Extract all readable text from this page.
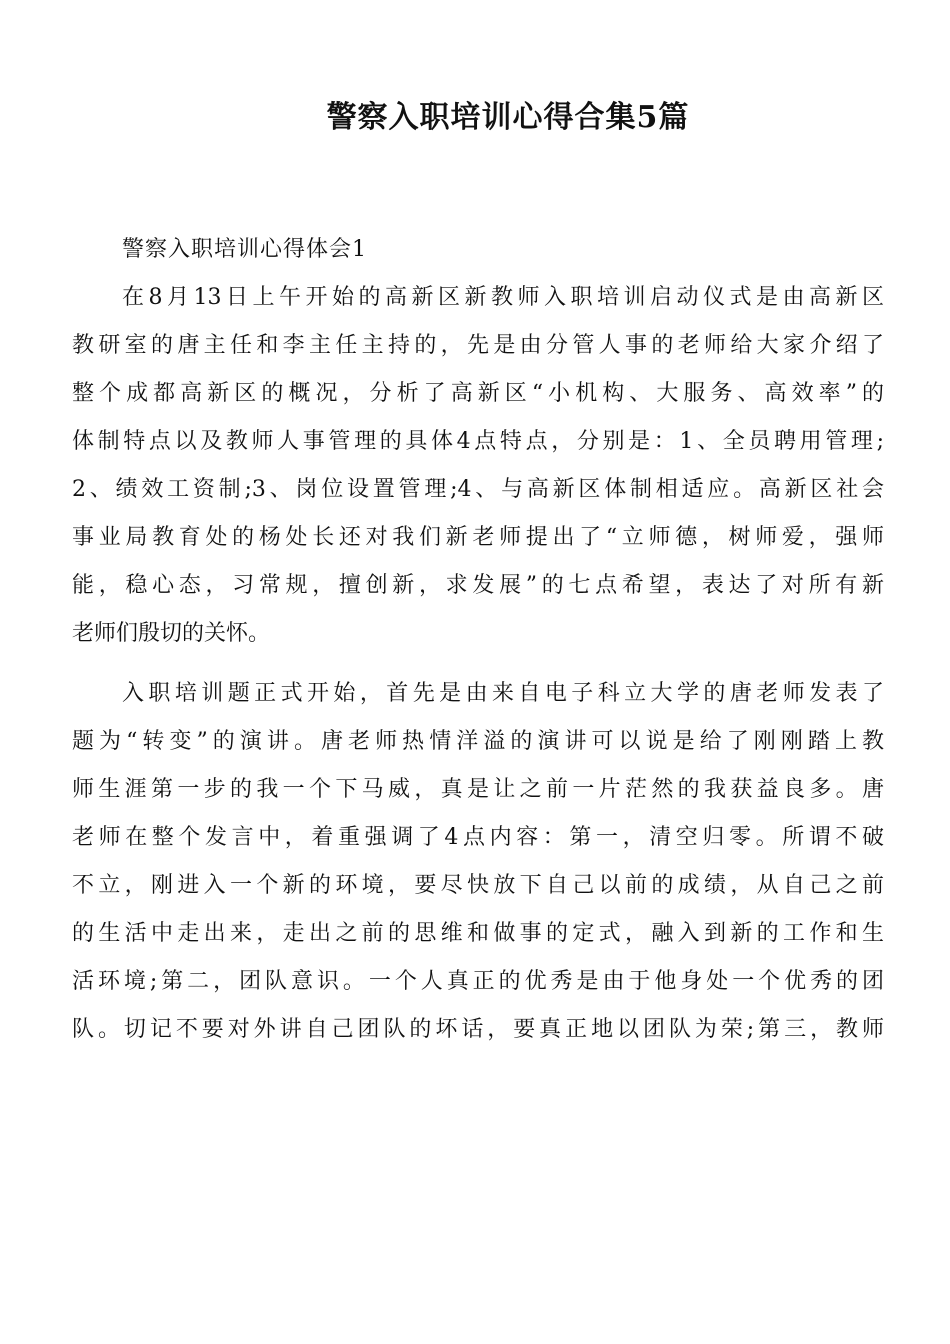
警察入职培训心得合集5篇

警察入职培训心得体会1

在8月13日上午开始的高新区新教师入职培训启动仪式是由高新区
教研室的唐主任和李主任主持的，先是由分管人事的老师给大家介绍了
整个成都高新区的概况，分析了高新区“小机构、大服务、高效率”的
体制特点以及教师人事管理的具体4点特点，分别是：1、全员聘用管理;
2、绩效工资制;3、岗位设置管理;4、与高新区体制相适应。高新区社会
事业局教育处的杨处长还对我们新老师提出了“立师德，树师爱，强师
能，稳心态，习常规，擅创新，求发展”的七点希望，表达了对所有新
老师们殷切的关怀。

入职培训题正式开始，首先是由来自电子科立大学的唐老师发表了
题为“转变”的演讲。唐老师热情洋溢的演讲可以说是给了刚刚踏上教
师生涯第一步的我一个下马威，真是让之前一片茫然的我获益良多。唐
老师在整个发言中，着重强调了4点内容：第一，清空归零。所谓不破
不立，刚进入一个新的环境，要尽快放下自己以前的成绩，从自己之前
的生活中走出来，走出之前的思维和做事的定式，融入到新的工作和生
活环境;第二，团队意识。一个人真正的优秀是由于他身处一个优秀的团
队。切记不要对外讲自己团队的坏话，要真正地以团队为荣;第三，教师
